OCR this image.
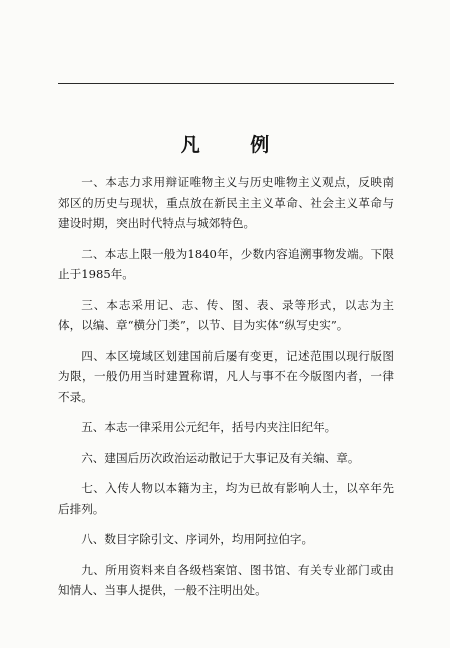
凡 例

一、本志力求用辩证唯物主义与历史唯物主义观点，反映南郊区的历史与现状，重点放在新民主主义革命、社会主义革命与建设时期，突出时代特点与城郊特色。

二、本志上限一般为1840年，少数内容追溯事物发端。下限止于1985年。

三、本志采用记、志、传、图、表、录等形式，以志为主体，以编、章“横分门类”，以节、目为实体“纵写史实”。

四、本区境域区划建国前后屡有变更，记述范围以现行版图为限，一般仍用当时建置称谓，凡人与事不在今版图内者，一律不录。

五、本志一律采用公元纪年，括号内夹注旧纪年。

六、建国后历次政治运动散记于大事记及有关编、章。

七、入传人物以本籍为主，均为已故有影响人士，以卒年先后排列。

八、数目字除引文、序词外，均用阿拉伯字。

九、所用资料来自各级档案馆、图书馆、有关专业部门或由知情人、当事人提供，一般不注明出处。
